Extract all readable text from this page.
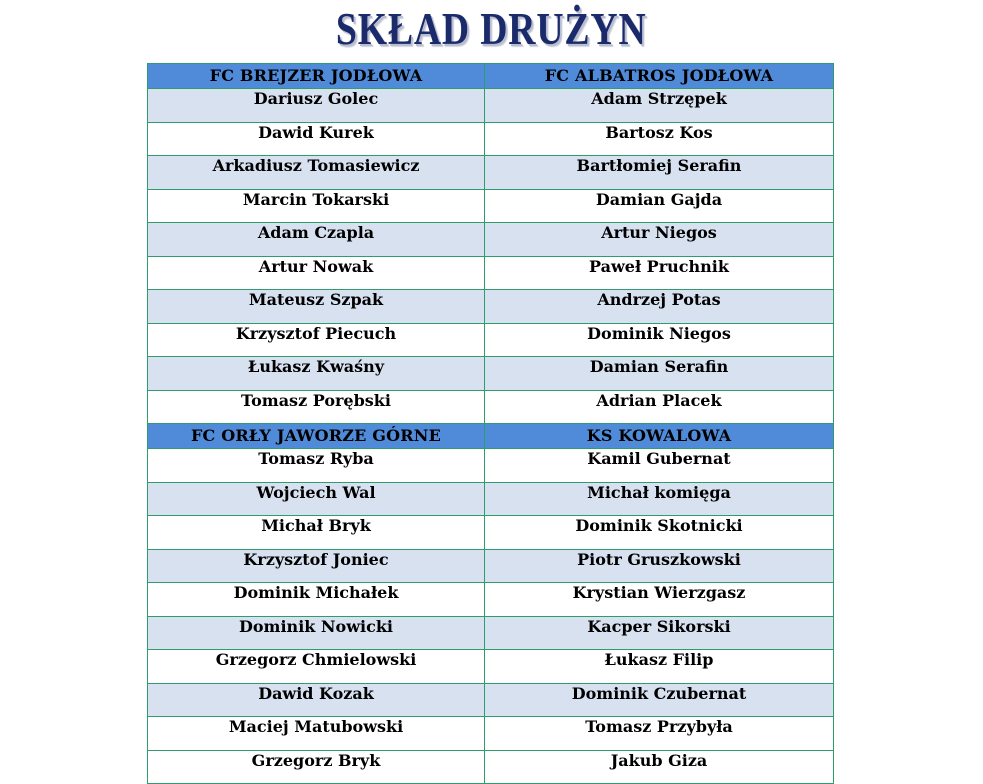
SKŁAD DRUŻYN
FC BREJZER JODŁOWA	FC ALBATROS JODŁOWA
Dariusz Golec	Adam Strzępek
Dawid Kurek	Bartosz Kos
Arkadiusz Tomasiewicz	Bartłomiej Serafin
Marcin Tokarski	Damian Gajda
Adam Czapla	Artur Niegos
Artur Nowak	Paweł Pruchnik
Mateusz Szpak	Andrzej Potas
Krzysztof Piecuch	Dominik Niegos
Łukasz Kwaśny	Damian Serafin
Tomasz Porębski	Adrian Placek
FC ORŁY JAWORZE GÓRNE	KS KOWALOWA
Tomasz Ryba	Kamil Gubernat
Wojciech Wal	Michał komięga
Michał Bryk	Dominik Skotnicki
Krzysztof Joniec	Piotr Gruszkowski
Dominik Michałek	Krystian Wierzgasz
Dominik Nowicki	Kacper Sikorski
Grzegorz Chmielowski	Łukasz Filip
Dawid Kozak	Dominik Czubernat
Maciej Matubowski	Tomasz Przybyła
Grzegorz Bryk	Jakub Giza
